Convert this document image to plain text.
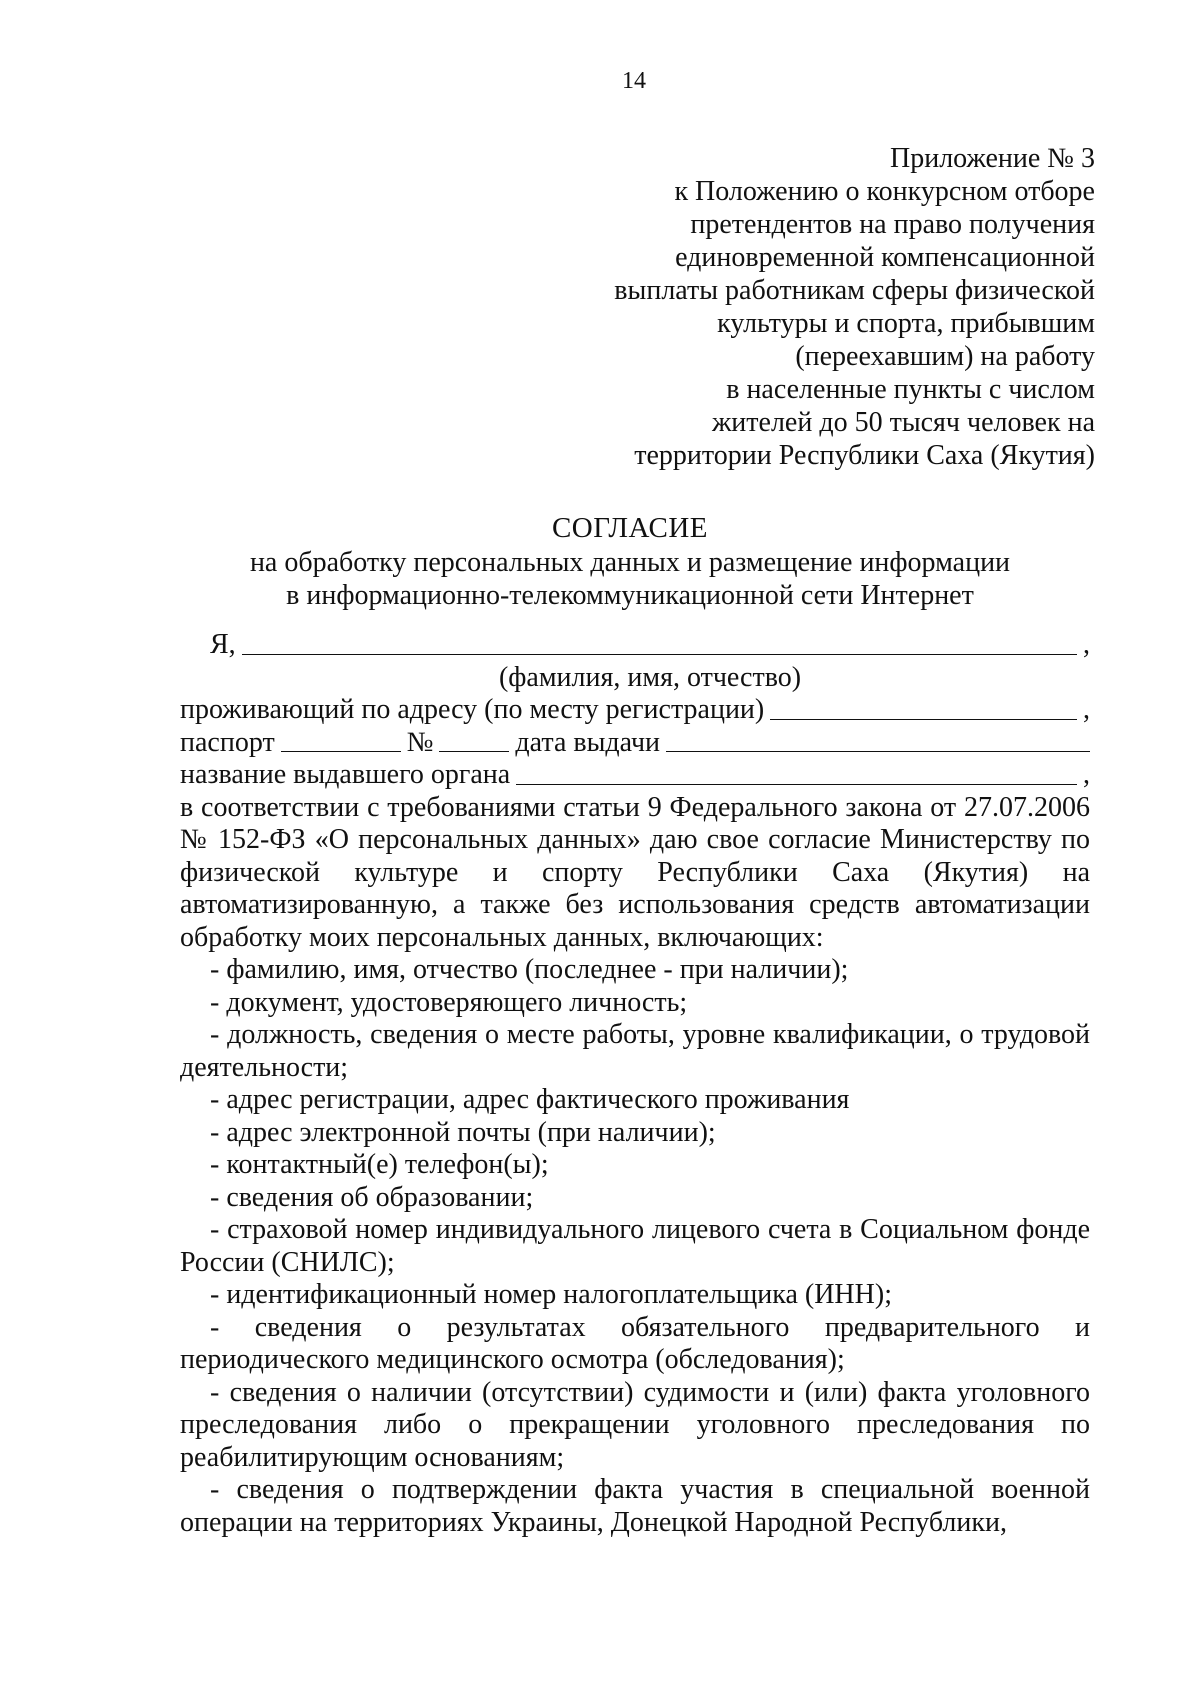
14
Приложение № 3
к Положению о конкурсном отборе
претендентов на право получения
единовременной компенсационной
выплаты работникам сферы физической
культуры и спорта, прибывшим
(переехавшим) на работу
в населенные пункты с числом
жителей до 50 тысяч человек на
территории Республики Саха (Якутия)
СОГЛАСИЕ
на обработку персональных данных и размещение информации
в информационно-телекоммуникационной сети Интернет
Я,	,
(фамилия, имя, отчество)
проживающий по адресу (по месту регистрации)	,
паспорт	№	дата выдачи
название выдавшего органа	,
в соответствии с требованиями статьи 9 Федерального закона от 27.07.2006 № 152-ФЗ «О персональных данных» даю свое согласие Министерству по физической культуре и спорту Республики Саха (Якутия) на автоматизированную, а также без использования средств автоматизации обработку моих персональных данных, включающих:
- фамилию, имя, отчество (последнее - при наличии);
- документ, удостоверяющего личность;
- должность, сведения о месте работы, уровне квалификации, о трудовой деятельности;
- адрес регистрации, адрес фактического проживания
- адрес электронной почты (при наличии);
- контактный(е) телефон(ы);
- сведения об образовании;
- страховой номер индивидуального лицевого счета в Социальном фонде России (СНИЛС);
- идентификационный номер налогоплательщика (ИНН);
- сведения о результатах обязательного предварительного и периодического медицинского осмотра (обследования);
- сведения о наличии (отсутствии) судимости и (или) факта уголовного преследования либо о прекращении уголовного преследования по реабилитирующим основаниям;
- сведения о подтверждении факта участия в специальной военной операции на территориях Украины, Донецкой Народной Республики,
